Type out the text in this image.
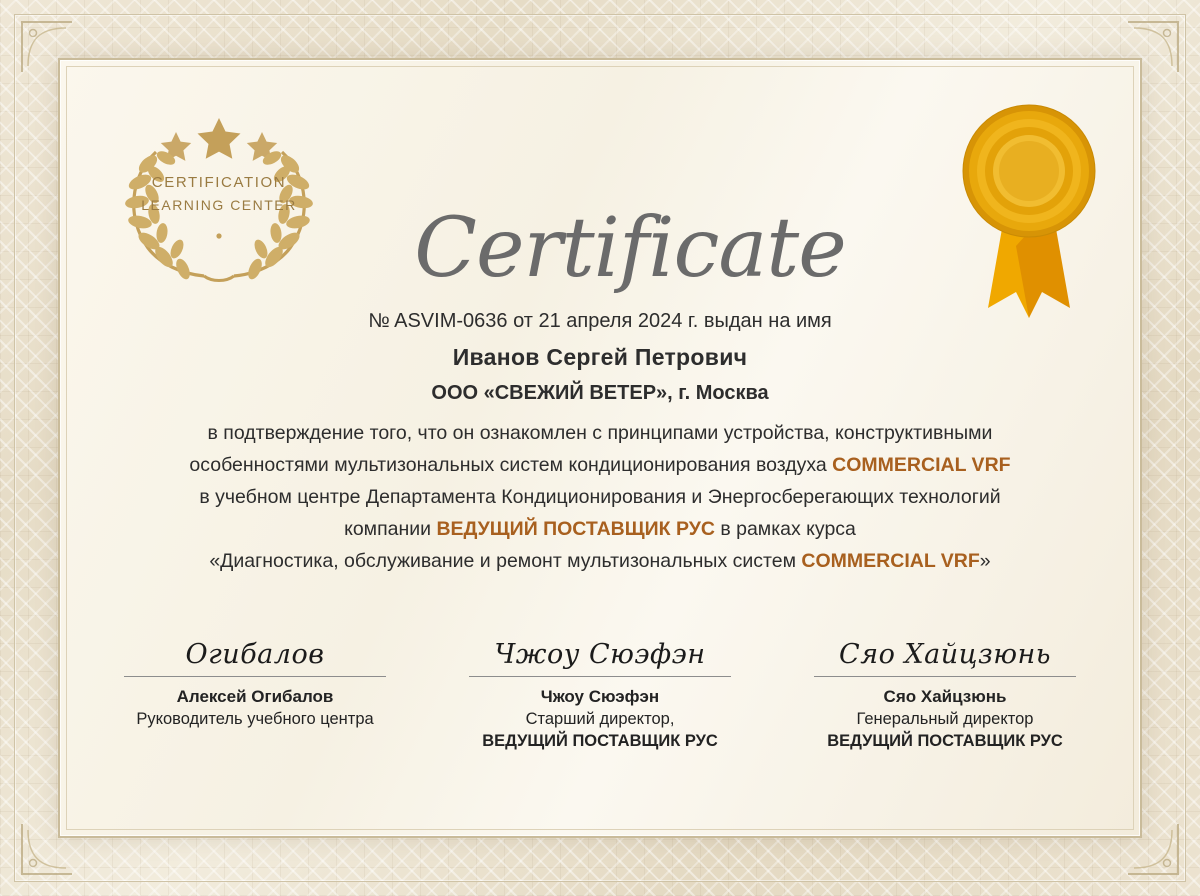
CERTIFICATION
LEARNING CENTER	Certificate
№ ASVIM-0636 от 21 апреля 2024 г. выдан на имя
Иванов Сергей Петрович
ООО «СВЕЖИЙ ВЕТЕР», г. Москва
в подтверждение того, что он ознакомлен с принципами устройства, конструктивными
особенностями мультизональных систем кондиционирования воздуха COMMERCIAL VRF
в учебном центре Департамента Кондиционирования и Энергосберегающих технологий
компании ВЕДУЩИЙ ПОСТАВЩИК РУС в рамках курса
«Диагностика, обслуживание и ремонт мультизональных систем COMMERCIAL VRF»
Огибалов
Алексей Огибалов
Руководитель учебного центра
Чжоу Сюэфэн
Чжоу Сюэфэн
Старший директор,
ВЕДУЩИЙ ПОСТАВЩИК РУС
Сяо Хайцзюнь
Сяо Хайцзюнь
Генеральный директор
ВЕДУЩИЙ ПОСТАВЩИК РУС
